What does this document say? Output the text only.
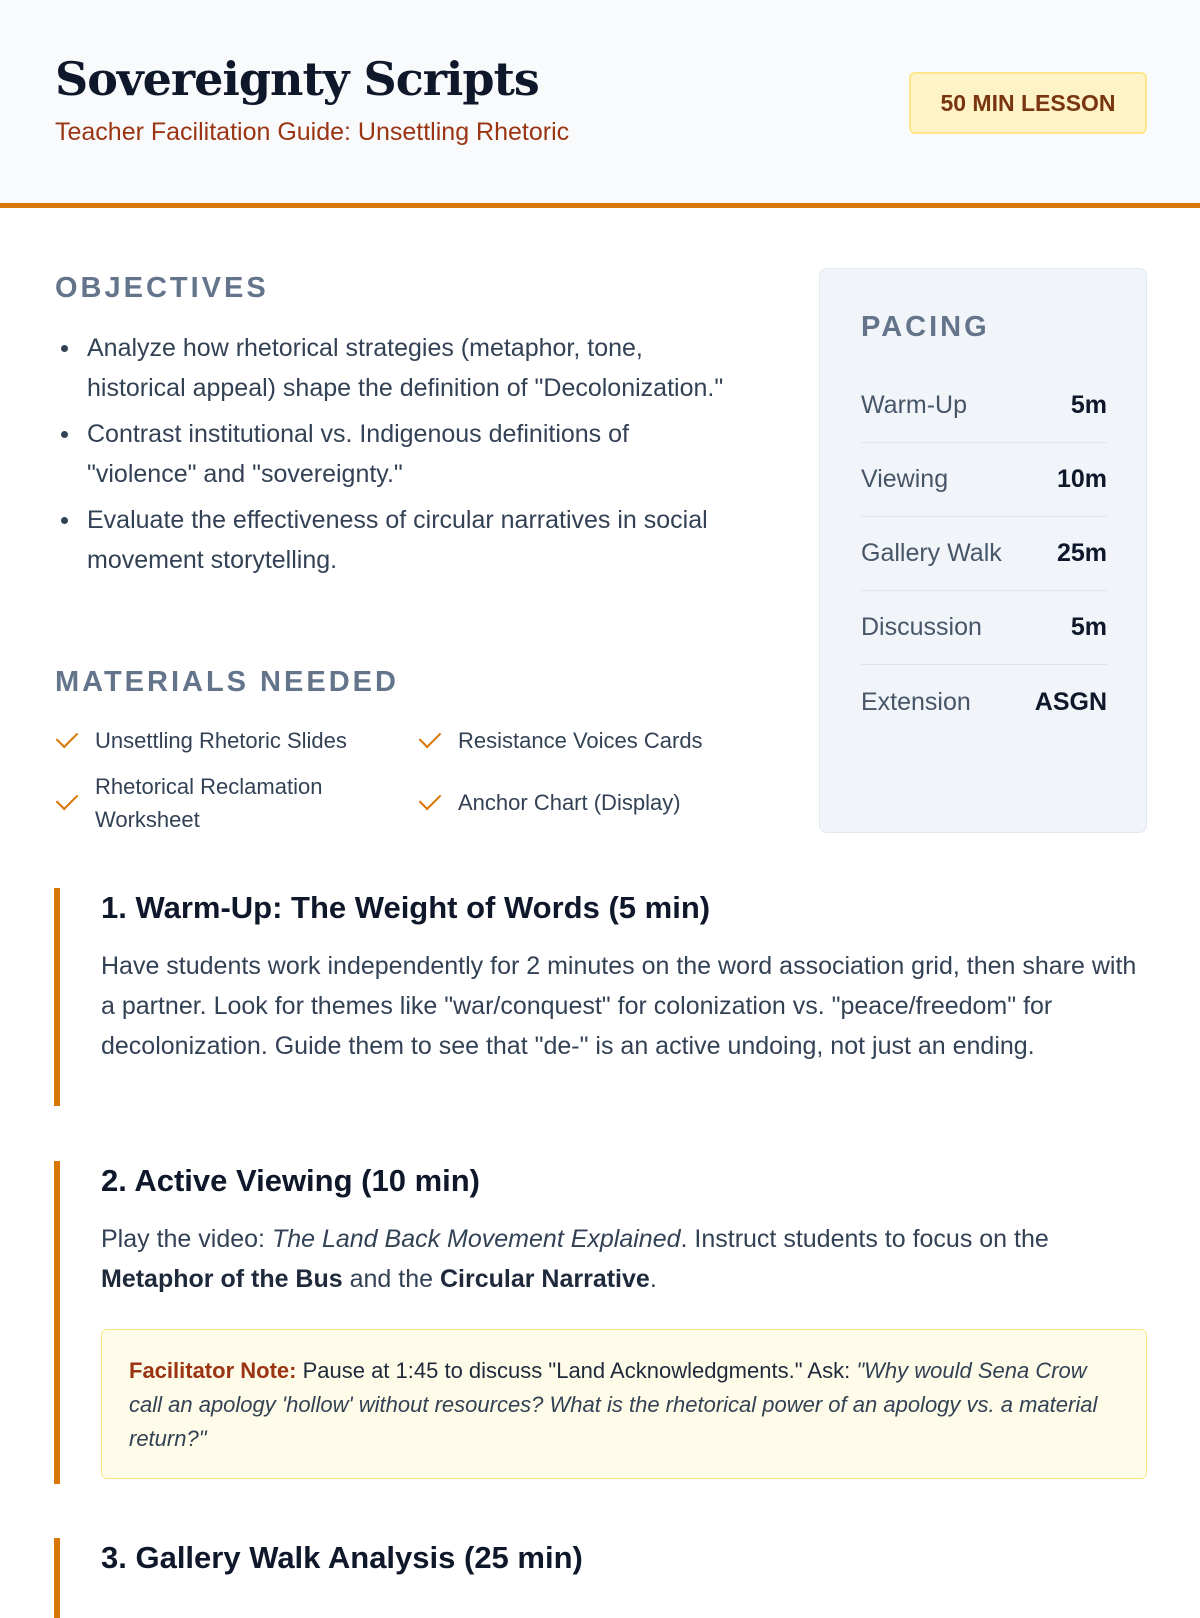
Sovereignty Scripts

Teacher Facilitation Guide: Unsettling Rhetoric

50 MIN LESSON
OBJECTIVES
Analyze how rhetorical strategies (metaphor, tone, historical appeal) shape the definition of "Decolonization."
Contrast institutional vs. Indigenous definitions of "violence" and "sovereignty."
Evaluate the effectiveness of circular narratives in social movement storytelling.
MATERIALS NEEDED
Unsettling Rhetoric Slides	Resistance Voices Cards
Rhetorical Reclamation Worksheet
Anchor Chart (Display)
PACING
Warm-Up	5m
Viewing	10m
Gallery Walk 25m
Discussion	5m
Extension	ASGN
1. Warm-Up: The Weight of Words (5 min)

Have students work independently for 2 minutes on the word association grid, then share with a partner. Look for themes like "war/conquest" for colonization vs. "peace/freedom" for decolonization. Guide them to see that "de-" is an active undoing, not just an ending.

2. Active Viewing (10 min)

Play the video: The Land Back Movement Explained. Instruct students to focus on the Metaphor of the Bus and the Circular Narrative.

Facilitator Note: Pause at 1:45 to discuss "Land Acknowledgments." Ask: "Why would Sena Crow call an apology 'hollow' without resources? What is the rhetorical power of an apology vs. a material return?"
3. Gallery Walk Analysis (25 min)
